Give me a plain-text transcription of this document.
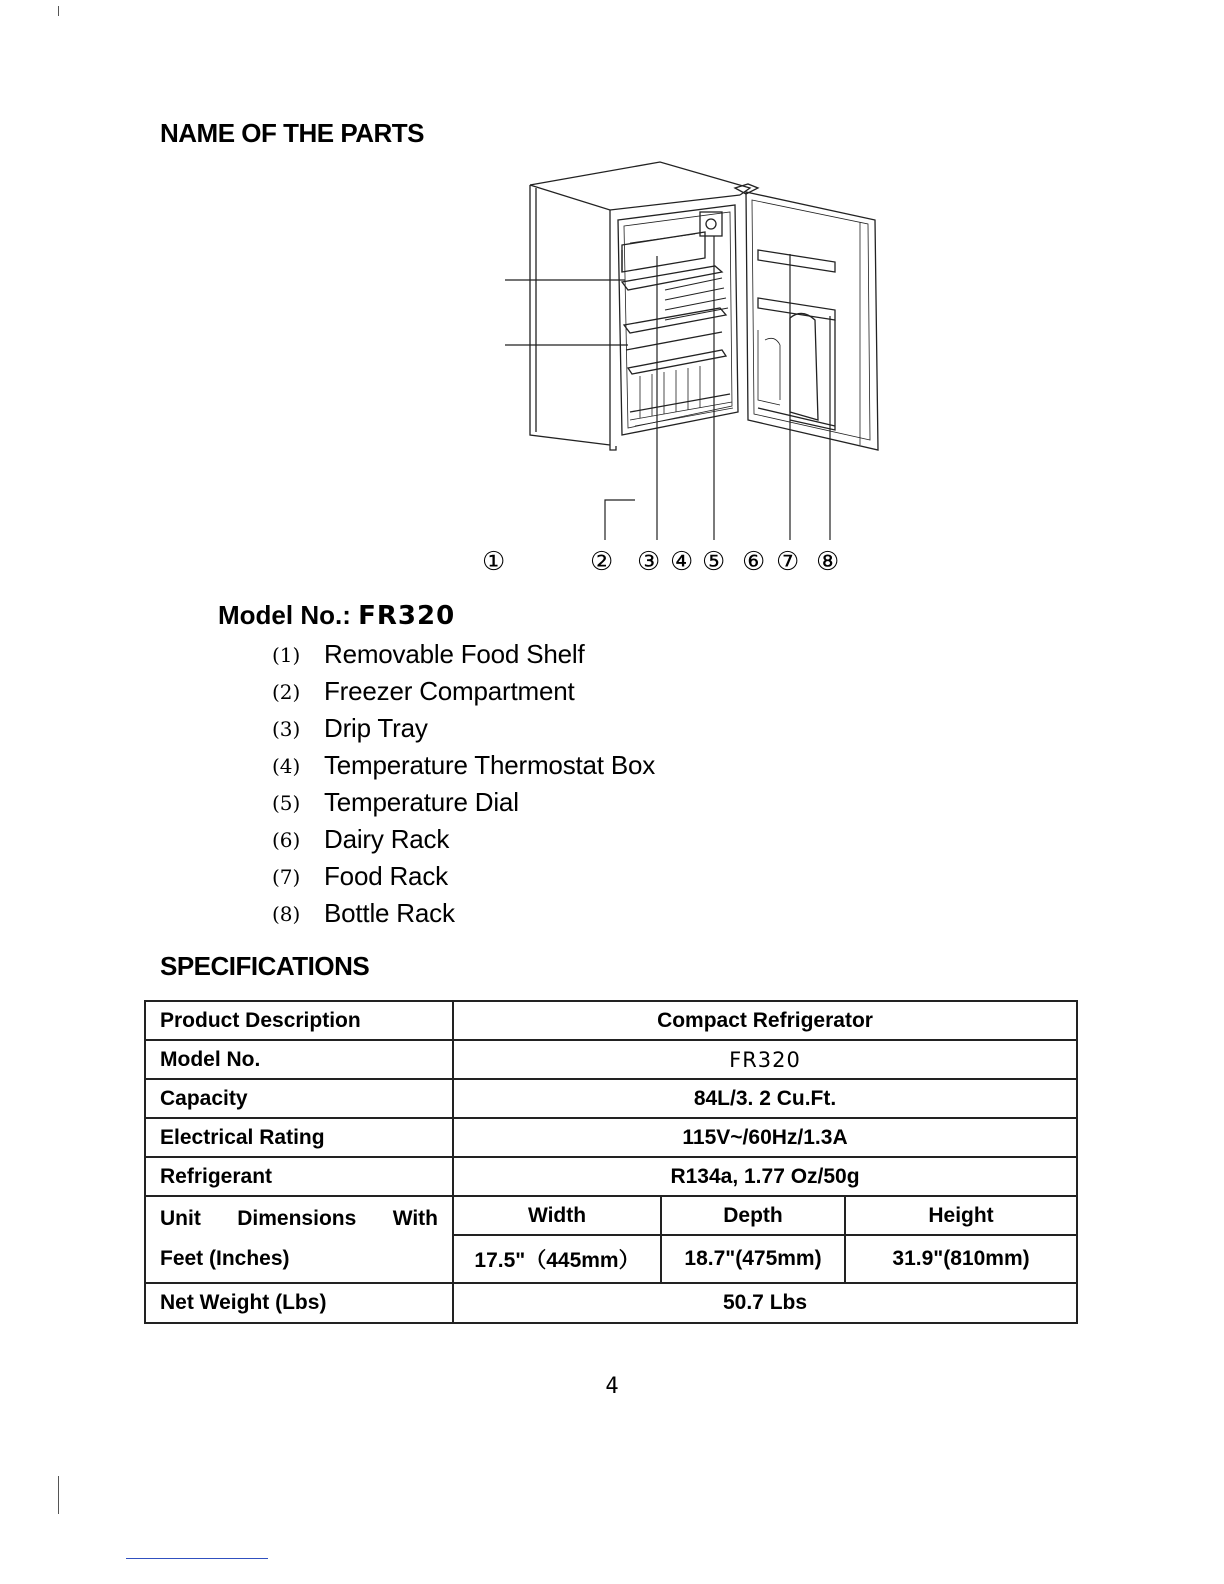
NAME OF THE PARTS
①	② ③ ④ ⑤ ⑥ ⑦ ⑧
Model No.: FR320
(1) Removable Food Shelf
(2) Freezer Compartment
(3) Drip Tray
(4) Temperature Thermostat Box
(5) Temperature Dial
(6) Dairy Rack
(7) Food Rack
(8) Bottle Rack
SPECIFICATIONS
Product Description	Compact Refrigerator		
Model No.	FR320		
Capacity	84L/3. 2 Cu.Ft.		
Electrical Rating	115V~/60Hz/1.3A		
Refrigerant	R134a, 1.77 Oz/50g		

Unit Dimensions With
Feet (Inches)	Width	Depth	Height
	17.5"（445mm）	18.7"(475mm)	31.9"(810mm)
Net Weight (Lbs)	50.7 Lbs		
4
